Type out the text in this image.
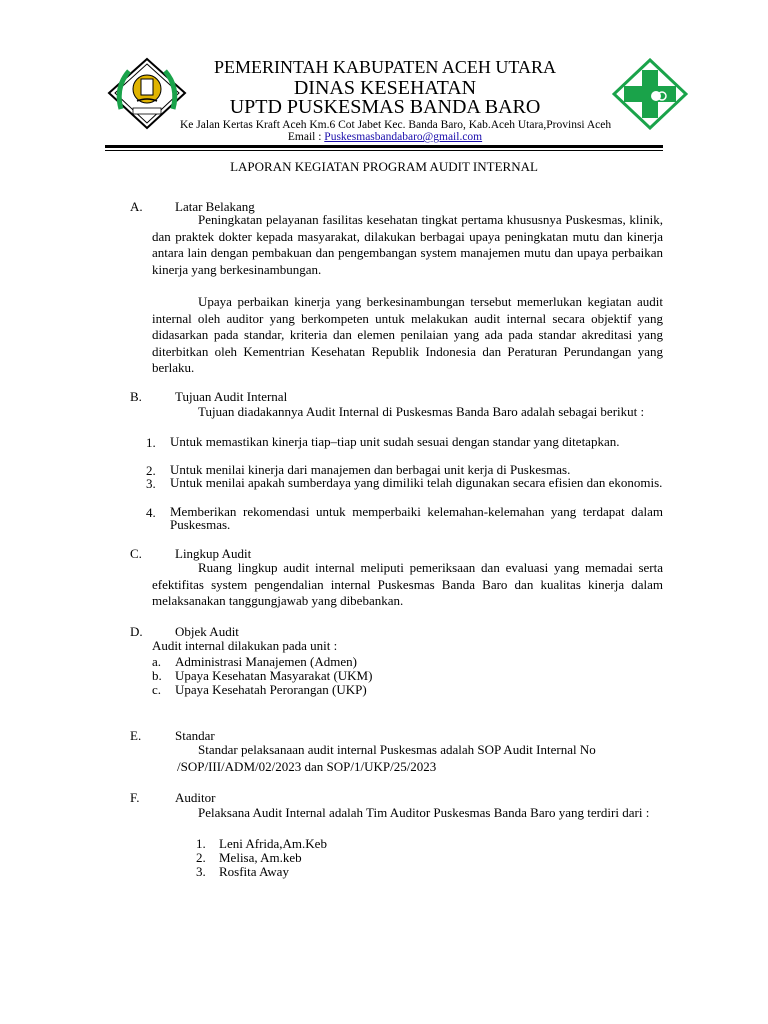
PEMERINTAH KABUPATEN ACEH UTARA
DINAS KESEHATAN
UPTD PUSKESMAS BANDA BARO
Ke Jalan Kertas Kraft Aceh Km.6 Cot Jabet Kec. Banda Baro, Kab.Aceh Utara,Provinsi Aceh
Email : Puskesmasbandabaro@gmail.com
LAPORAN KEGIATAN PROGRAM AUDIT INTERNAL
A. Latar Belakang
Peningkatan pelayanan fasilitas kesehatan tingkat pertama khususnya Puskesmas, klinik, dan praktek dokter kepada masyarakat, dilakukan berbagai upaya peningkatan mutu dan kinerja antara lain dengan pembakuan dan pengembangan system manajemen mutu dan upaya perbaikan kinerja yang berkesinambungan.
Upaya perbaikan kinerja yang berkesinambungan tersebut memerlukan kegiatan audit internal oleh auditor yang berkompeten untuk melakukan audit internal secara objektif yang didasarkan pada standar, kriteria dan elemen penilaian yang ada pada standar akreditasi yang diterbitkan oleh Kementrian Kesehatan Republik Indonesia dan Peraturan Perundangan yang berlaku.
B.	Tujuan Audit Internal
Tujuan diadakannya Audit Internal di Puskesmas Banda Baro adalah sebagai berikut :
1. Untuk memastikan kinerja tiap–tiap unit sudah sesuai dengan standar yang ditetapkan.
2. Untuk menilai kinerja dari manajemen dan berbagai unit kerja di Puskesmas.
3. Untuk menilai apakah sumberdaya yang dimiliki telah digunakan secara efisien dan ekonomis.
4. Memberikan rekomendasi untuk memperbaiki kelemahan-kelemahan yang terdapat dalam Puskesmas.
C.	Lingkup Audit
Ruang lingkup audit internal meliputi pemeriksaan dan evaluasi yang memadai serta efektifitas system pengendalian internal Puskesmas Banda Baro dan kualitas kinerja dalam melaksanakan tanggungjawab yang dibebankan.
D. Objek Audit
Audit internal dilakukan pada unit :
a. Administrasi Manajemen (Admen)
b. Upaya Kesehatan Masyarakat (UKM)
c. Upaya Kesehatah Perorangan (UKP)
E.	Standar
Standar pelaksanaan audit internal Puskesmas adalah SOP Audit Internal No
/SOP/III/ADM/02/2023 dan SOP/1/UKP/25/2023
F.	Auditor
Pelaksana Audit Internal adalah Tim Auditor Puskesmas Banda Baro yang terdiri dari :
1. Leni Afrida,Am.Keb
2. Melisa, Am.keb
3. Rosfita Away
